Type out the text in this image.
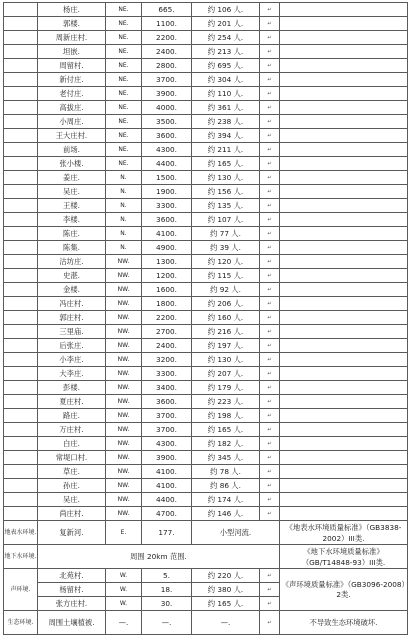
	杨庄.	NE.	665.	约 106 人.	↵	
	郭楼.	NE.	1100.	约 201 人.	↵	
	周新庄村.	NE.	2200.	约 254 人.	↵	
	坦嵌.	NE.	2400.	约 213 人.	↵	
	周留村.	NE.	2800.	约 695 人.	↵	
	新付庄.	NE.	3700.	约 304 人.	↵	
	老付庄.	NE.	3900.	约 110 人.	↵	
	高拔庄.	NE.	4000.	约 361 人.	↵	
	小周庄.	NE.	3500.	约 238 人.	↵	
	王大庄村.	NE.	3600.	约 394 人.	↵	
	前场.	NE.	4300.	约 211 人.	↵	
	张小楼.	NE.	4400.	约 165 人.	↵	
	姜庄.	N.	1500.	约 130 人.	↵	
	吴庄.	N.	1900.	约 156 人.	↵	
	王楼.	N.	3300.	约 135 人.	↵	
	李楼.	N.	3600.	约 107 人.	↵	
	陈庄.	N.	4100.	约 77 人.	↵	
	陈集.	N.	4900.	约 39 人.	↵	
	沽坊庄.	NW.	1300.	约 120 人.	↵	
	史湛.	NW.	1200.	约 115 人.	↵	
	金楼.	NW.	1600.	约 92 人.	↵	
	冯庄村.	NW.	1800.	约 206 人.	↵	
	郭庄村.	NW.	2200.	约 160 人.	↵	
	三里庙.	NW.	2700.	约 216 人.	↵	
	后张庄.	NW.	2400.	约 197 人.	↵	
	小李庄.	NW.	3200.	约 130 人.	↵	
	大李庄.	NW.	3300.	约 207 人.	↵	
	彭楼.	NW.	3400.	约 179 人.	↵	
	夏庄村.	NW.	3600.	约 223 人.	↵	
	路庄.	NW.	3700.	约 198 人.	↵	
	万庄村.	NW.	3700.	约 165 人.	↵	
	白庄.	NW.	4300.	约 182 人.	↵	
	常堤口村.	NW.	3900.	约 345 人.	↵	
	草庄.	NW.	4100.	约 78 人.	↵	
	孙庄.	NW.	4100.	约 86 人.	↵	
	吴庄.	NW.	4400.	约 174 人.	↵	
	尚庄村.	NW.	4700.	约 146 人.	↵	
地表水环境.	复新河.	E.	177.	小型河流.		《地表水环境质量标准》（GB3838-2002）III类.
地下水环境.	周围 20km 范围.					《地下水环境质量标准》（GB/T14848-93）III类.
声环境.	北苑村.	W.	5.	约 220 人.	↵	《声环境质量标准》（GB3096-2008）2类.
	杨留村.	W.	18.	约 380 人.	↵	
	张方庄村.	W.	30.	约 165 人.	↵	
生态环境.	周围土壤植被.	—.	—.	—.	↵	不导致生态环境破坏.
